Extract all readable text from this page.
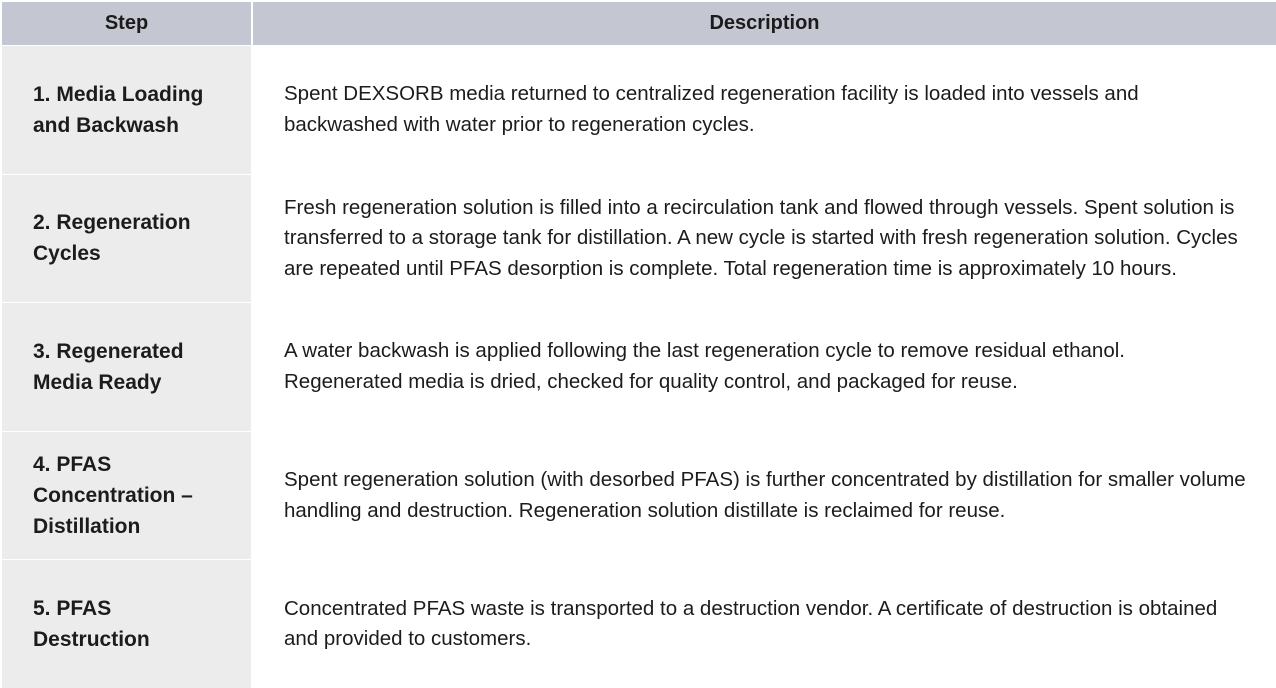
Step	Description
1. Media Loading and Backwash
Spent DEXSORB media returned to centralized regeneration facility is loaded into vessels and backwashed with water prior to regeneration cycles.
2. Regeneration Cycles
Fresh regeneration solution is filled into a recirculation tank and flowed through vessels. Spent solution is transferred to a storage tank for distillation. A new cycle is started with fresh regeneration solution. Cycles are repeated until PFAS desorption is complete. Total regeneration time is approximately 10 hours.
3. Regenerated Media Ready
A water backwash is applied following the last regeneration cycle to remove residual ethanol. Regenerated media is dried, checked for quality control, and packaged for reuse.
4. PFAS Concentration – Distillation
Spent regeneration solution (with desorbed PFAS) is further concentrated by distillation for smaller volume handling and destruction. Regeneration solution distillate is reclaimed for reuse.
5. PFAS Destruction
Concentrated PFAS waste is transported to a destruction vendor. A certificate of destruction is obtained and provided to customers.
